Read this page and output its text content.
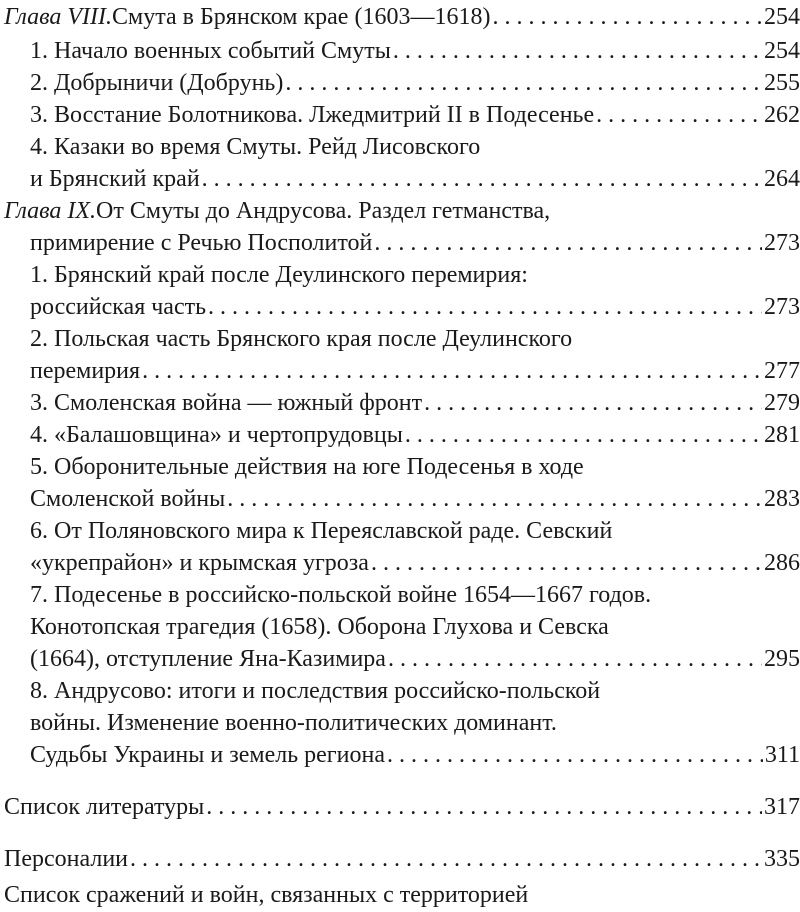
Глава VIII. Смута в Брянском крае (1603—1618) . . .	254
1. Начало военных событий Смуты . . .	254
2. Добрыничи (Добрунь) . . .	255
3. Восстание Болотникова. Лжедмитрий II в Подесенье . . .	262
4. Казаки во время Смуты. Рейд Лисовского
и Брянский край . . .	264
Глава IX. От Смуты до Андрусова. Раздел гетманства,
примирение с Речью Посполитой . . .	273
1. Брянский край после Деулинского перемирия:
российская часть . . .	273
2. Польская часть Брянского края после Деулинского
перемирия . . .	277
3. Смоленская война — южный фронт . . .	279
4. «Балашовщина» и чертопрудовцы . . .	281
5. Оборонительные действия на юге Подесенья в ходе
Смоленской войны . . .	283
6. От Поляновского мира к Переяславской раде. Севский
«укрепрайон» и крымская угроза . . .	286
7. Подесенье в российско-польской войне 1654—1667 годов.
Конотопская трагедия (1658). Оборона Глухова и Севска
(1664), отступление Яна-Казимира . . .	295
8. Андрусово: итоги и последствия российско-польской
войны. Изменение военно-политических доминант.
Судьбы Украины и земель региона . . .	311
Список литературы . . .	317
Персоналии . . .	335
Список сражений и войн, связанных с территорией
. . .
